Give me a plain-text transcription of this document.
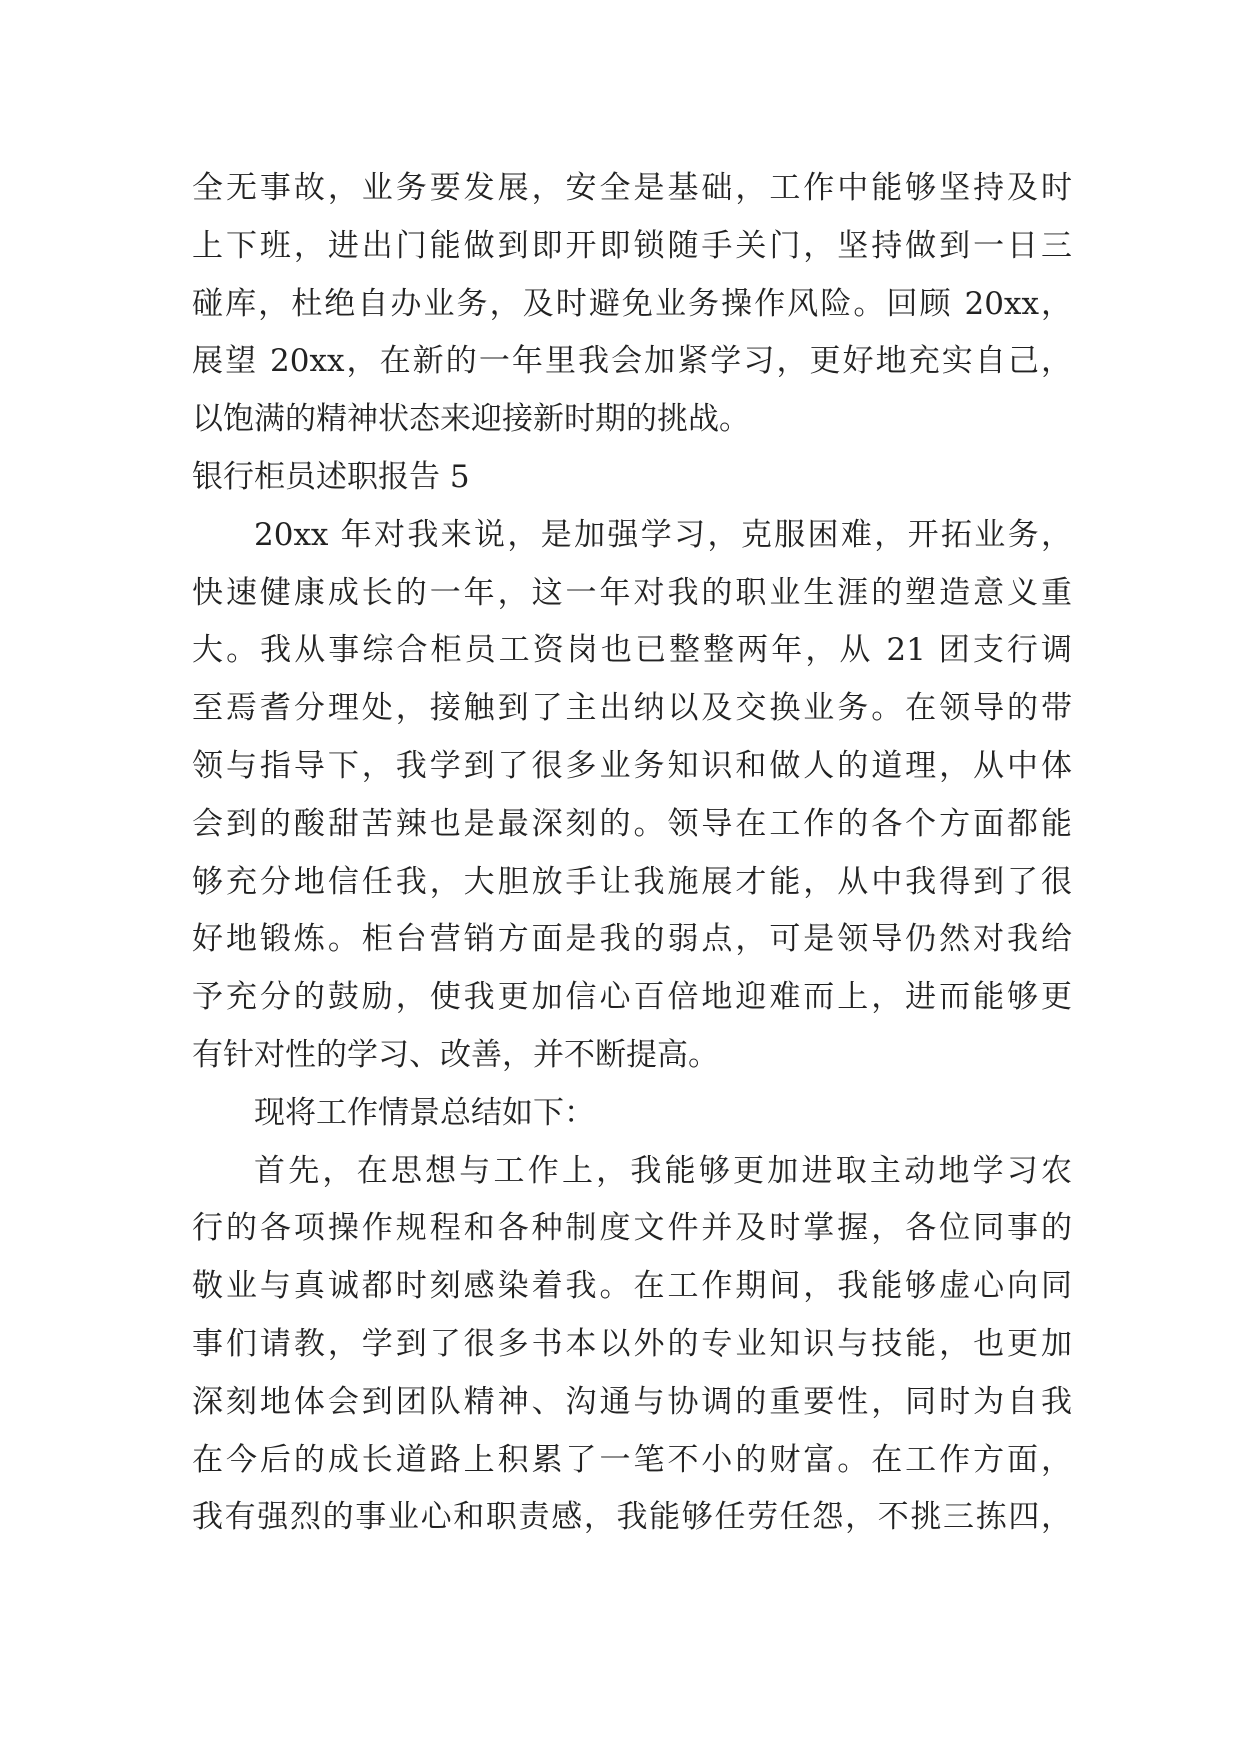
全无事故，业务要发展，安全是基础，工作中能够坚持及时
上下班，进出门能做到即开即锁随手关门，坚持做到一日三
碰库，杜绝自办业务，及时避免业务操作风险。回顾 20xx，
展望 20xx，在新的一年里我会加紧学习，更好地充实自己，
以饱满的精神状态来迎接新时期的挑战。
银行柜员述职报告 5
20xx 年对我来说，是加强学习，克服困难，开拓业务，
快速健康成长的一年，这一年对我的职业生涯的塑造意义重
大。我从事综合柜员工资岗也已整整两年，从 21 团支行调
至焉耆分理处，接触到了主出纳以及交换业务。在领导的带
领与指导下，我学到了很多业务知识和做人的道理，从中体
会到的酸甜苦辣也是最深刻的。领导在工作的各个方面都能
够充分地信任我，大胆放手让我施展才能，从中我得到了很
好地锻炼。柜台营销方面是我的弱点，可是领导仍然对我给
予充分的鼓励，使我更加信心百倍地迎难而上，进而能够更
有针对性的学习、改善，并不断提高。
现将工作情景总结如下：
首先，在思想与工作上，我能够更加进取主动地学习农
行的各项操作规程和各种制度文件并及时掌握，各位同事的
敬业与真诚都时刻感染着我。在工作期间，我能够虚心向同
事们请教，学到了很多书本以外的专业知识与技能，也更加
深刻地体会到团队精神、沟通与协调的重要性，同时为自我
在今后的成长道路上积累了一笔不小的财富。在工作方面，
我有强烈的事业心和职责感，我能够任劳任怨，不挑三拣四，
